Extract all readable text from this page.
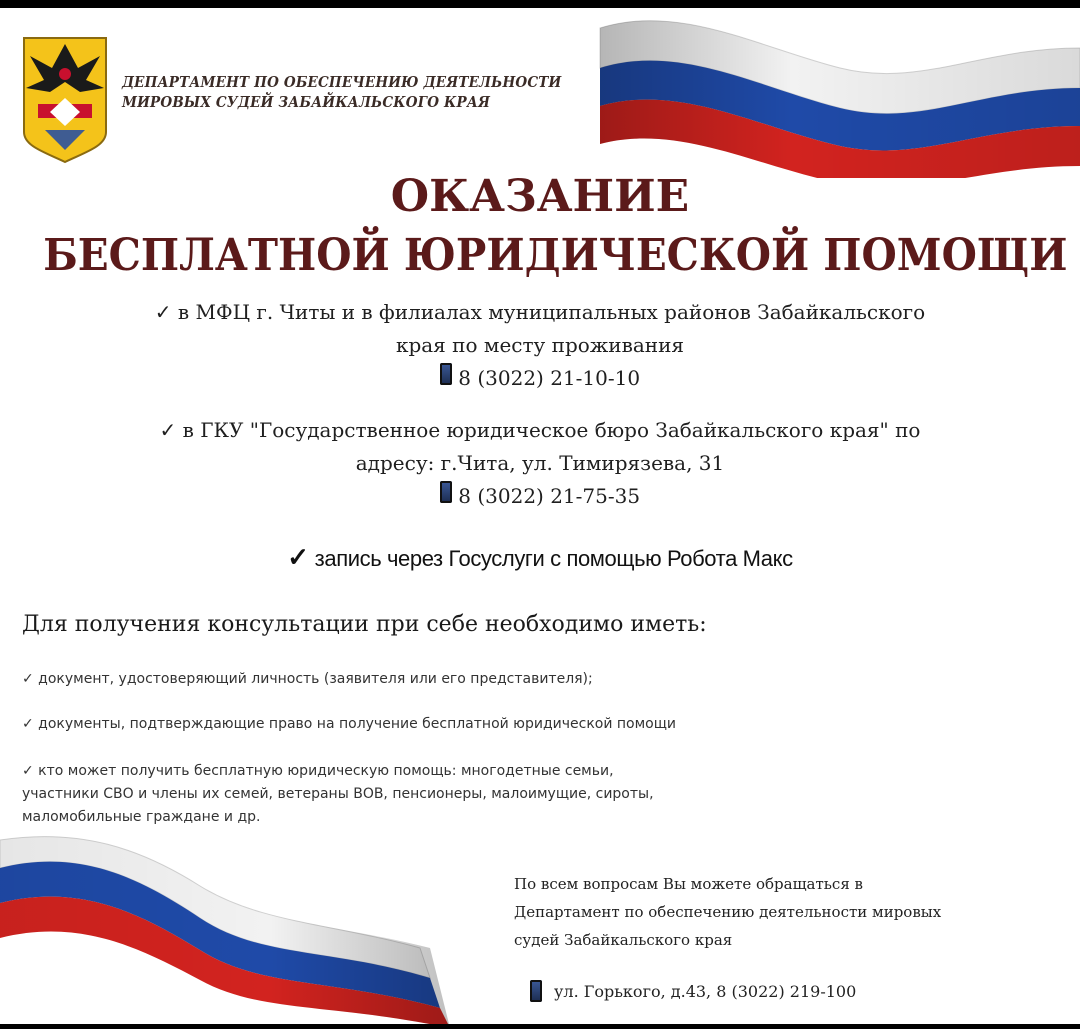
ДЕПАРТАМЕНТ ПО ОБЕСПЕЧЕНИЮ ДЕЯТЕЛЬНОСТИ
МИРОВЫХ СУДЕЙ ЗАБАЙКАЛЬСКОГО КРАЯ
ОКАЗАНИЕ
БЕСПЛАТНОЙ ЮРИДИЧЕСКОЙ ПОМОЩИ
✓ в МФЦ г. Читы и в филиалах муниципальных районов Забайкальского
края по месту проживания
8 (3022) 21-10-10
✓ в ГКУ "Государственное юридическое бюро Забайкальского края" по
адресу: г.Чита, ул. Тимирязева, 31
8 (3022) 21-75-35
✓ запись через Госуслуги с помощью Робота Макс
Для получения консультации при себе необходимо иметь:
✓ документ, удостоверяющий личность (заявителя или его представителя);
✓ документы, подтверждающие право на получение бесплатной юридической помощи
✓ кто может получить бесплатную юридическую помощь: многодетные семьи,
участники СВО и члены их семей, ветераны ВОВ, пенсионеры, малоимущие, сироты,
маломобильные граждане и др.
По всем вопросам Вы можете обращаться в
Департамент по обеспечению деятельности мировых
судей Забайкальского края
ул. Горького, д.43, 8 (3022) 219-100
